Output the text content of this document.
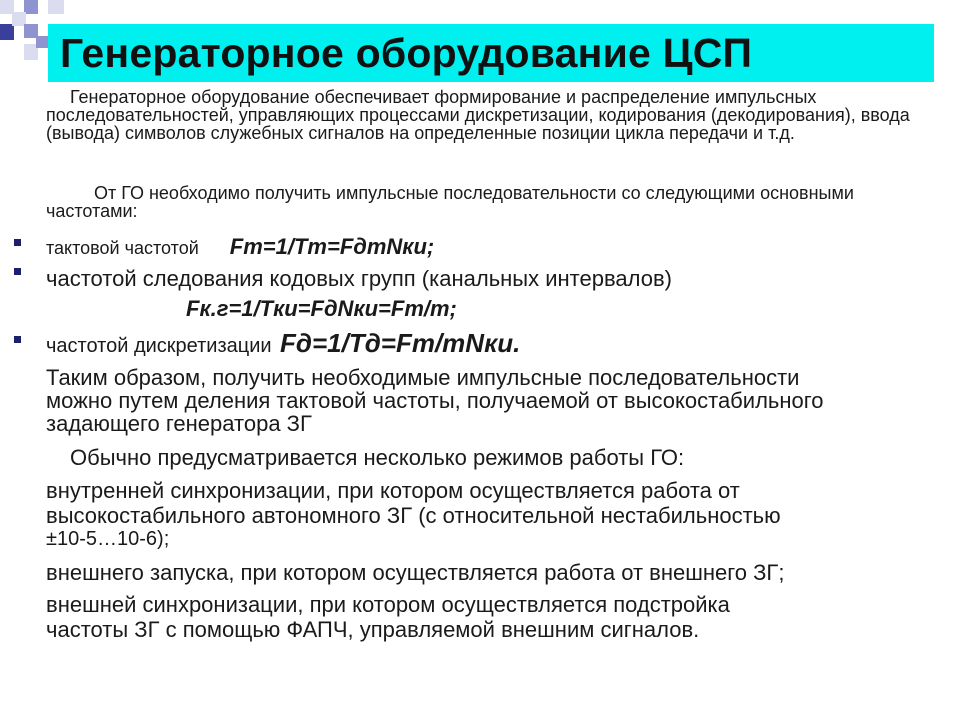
Генераторное оборудование ЦСП
Генераторное оборудование обеспечивает формирование и распределение импульсных последовательностей, управляющих процессами дискретизации, кодирования (декодирования), ввода (вывода) символов служебных сигналов на определенные позиции цикла передачи и т.д.
От ГО необходимо получить импульсные последовательности со следующими основными частотами:
тактовой частотой Fт=1/Tт=FдmNки;
частотой следования кодовых групп (канальных интервалов)
Fк.г=1/Tки=FдNки=Fт/m;
частотой дискретизации Fд=1/Tд=Fт/mNки.
Таким образом, получить необходимые импульсные последовательности можно путем деления тактовой частоты, получаемой от высокостабильного задающего генератора ЗГ
Обычно предусматривается несколько режимов работы ГО:
внутренней синхронизации, при котором осуществляется работа от
высокостабильного автономного ЗГ (с относительной нестабильностью
±10-5…10-6);
внешнего запуска, при котором осуществляется работа от внешнего ЗГ;
внешней синхронизации, при котором осуществляется подстройка
частоты ЗГ с помощью ФАПЧ, управляемой внешним сигналов.
